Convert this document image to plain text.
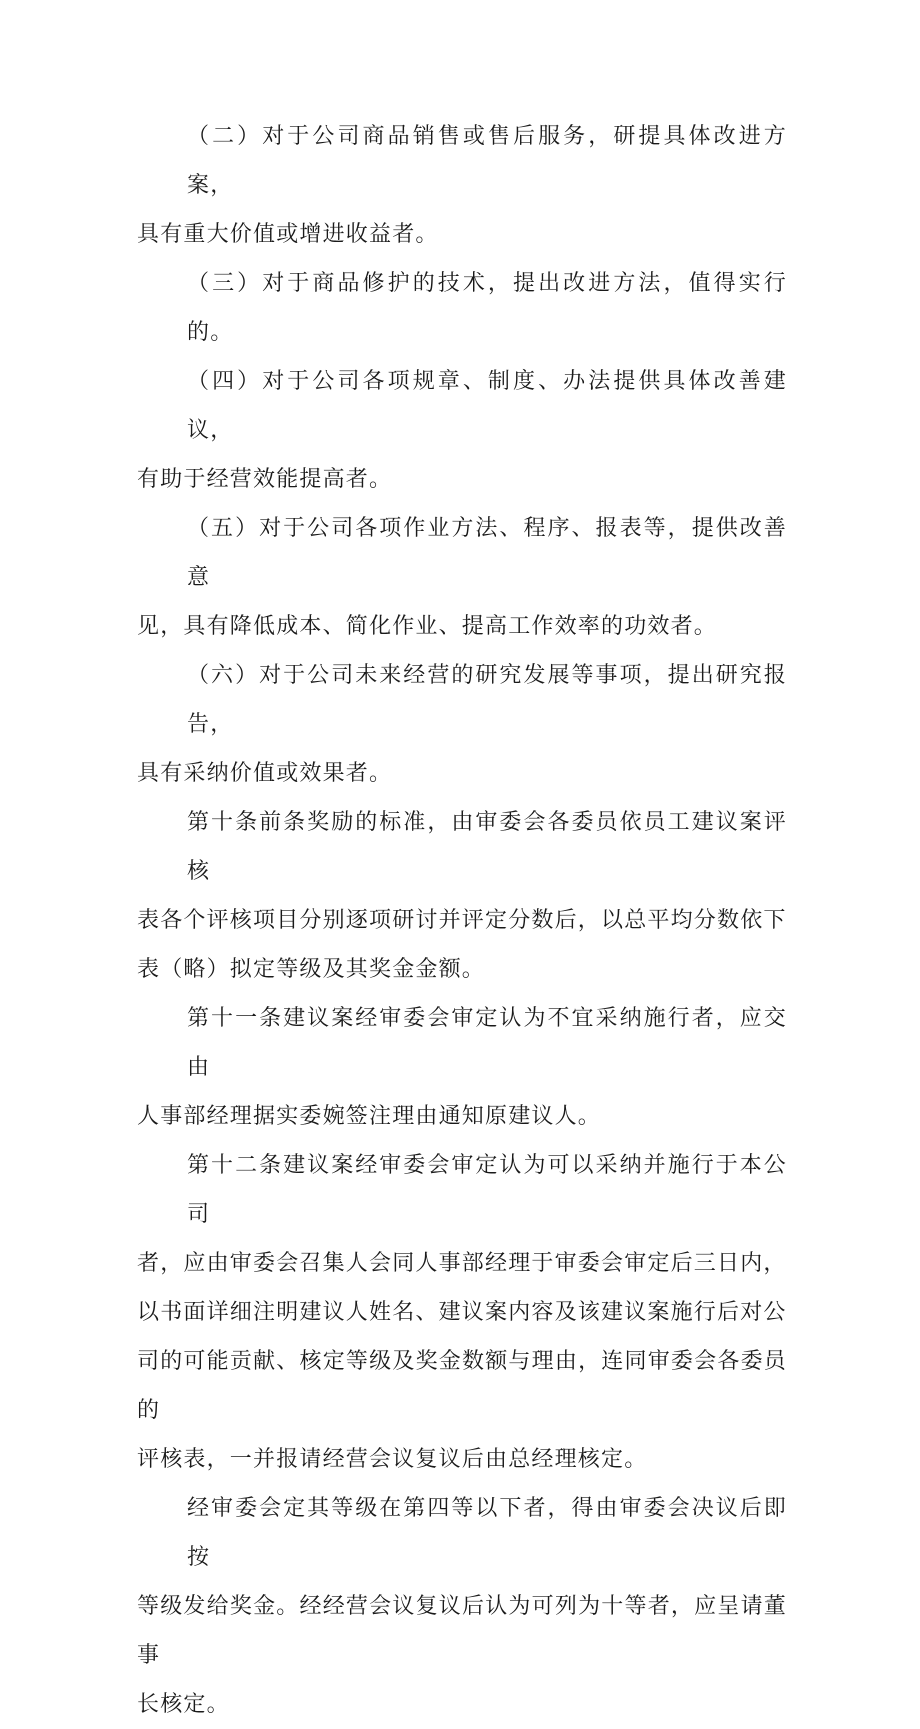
（二）对于公司商品销售或售后服务，研提具体改进方案，
具有重大价值或增进收益者。

（三）对于商品修护的技术，提出改进方法，值得实行的。

（四）对于公司各项规章、制度、办法提供具体改善建议，
有助于经营效能提高者。

（五）对于公司各项作业方法、程序、报表等，提供改善意
见，具有降低成本、简化作业、提高工作效率的功效者。

（六）对于公司未来经营的研究发展等事项，提出研究报告，
具有采纳价值或效果者。

第十条前条奖励的标准，由审委会各委员依员工建议案评核
表各个评核项目分别逐项研讨并评定分数后，以总平均分数依下
表（略）拟定等级及其奖金金额。

第十一条建议案经审委会审定认为不宜采纳施行者，应交由
人事部经理据实委婉签注理由通知原建议人。

第十二条建议案经审委会审定认为可以采纳并施行于本公司
者，应由审委会召集人会同人事部经理于审委会审定后三日内，
以书面详细注明建议人姓名、建议案内容及该建议案施行后对公
司的可能贡献、核定等级及奖金数额与理由，连同审委会各委员的
评核表，一并报请经营会议复议后由总经理核定。

经审委会定其等级在第四等以下者，得由审委会决议后即按
等级发给奖金。经经营会议复议后认为可列为十等者，应呈请董事
长核定。
